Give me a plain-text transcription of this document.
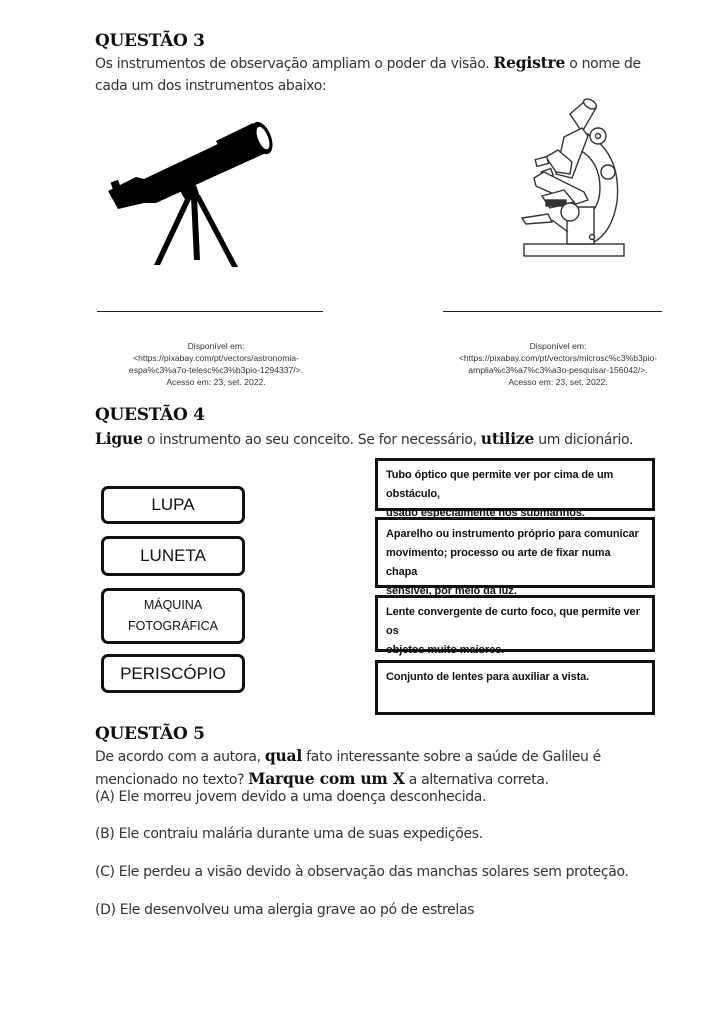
QUESTÃO 3
Os instrumentos de observação ampliam o poder da visão. Registre o nome de
cada um dos instrumentos abaixo:
Disponível em:
<https://pixabay.com/pt/vectors/astronomia-
espa%c3%a7o-telesc%c3%b3pio-1294337/>.
Acesso em: 23, set. 2022.
Disponível em:
<https://pixabay.com/pt/vectors/microsc%c3%b3pio-
amplia%c3%a7%c3%a3o-pesquisar-156042/>.
Acesso em: 23, set. 2022.
QUESTÃO 4
Ligue o instrumento ao seu conceito. Se for necessário, utilize um dicionário.
LUPA
LUNETA
MÁQUINA
FOTOGRÁFICA
PERISCÓPIO
Tubo óptico que permite ver por cima de um obstáculo,
usado especialmente nos submarinos.
Aparelho ou instrumento próprio para comunicar
movimento; processo ou arte de fixar numa chapa
sensível, por meio da luz.
Lente convergente de curto foco, que permite ver os
objetos muito maiores.
Conjunto de lentes para auxiliar a vista.
QUESTÃO 5
De acordo com a autora, qual fato interessante sobre a saúde de Galileu é
mencionado no texto? Marque com um X a alternativa correta.
(A) Ele morreu jovem devido a uma doença desconhecida.
(B) Ele contraiu malária durante uma de suas expedições.
(C) Ele perdeu a visão devido à observação das manchas solares sem proteção.
(D) Ele desenvolveu uma alergia grave ao pó de estrelas
